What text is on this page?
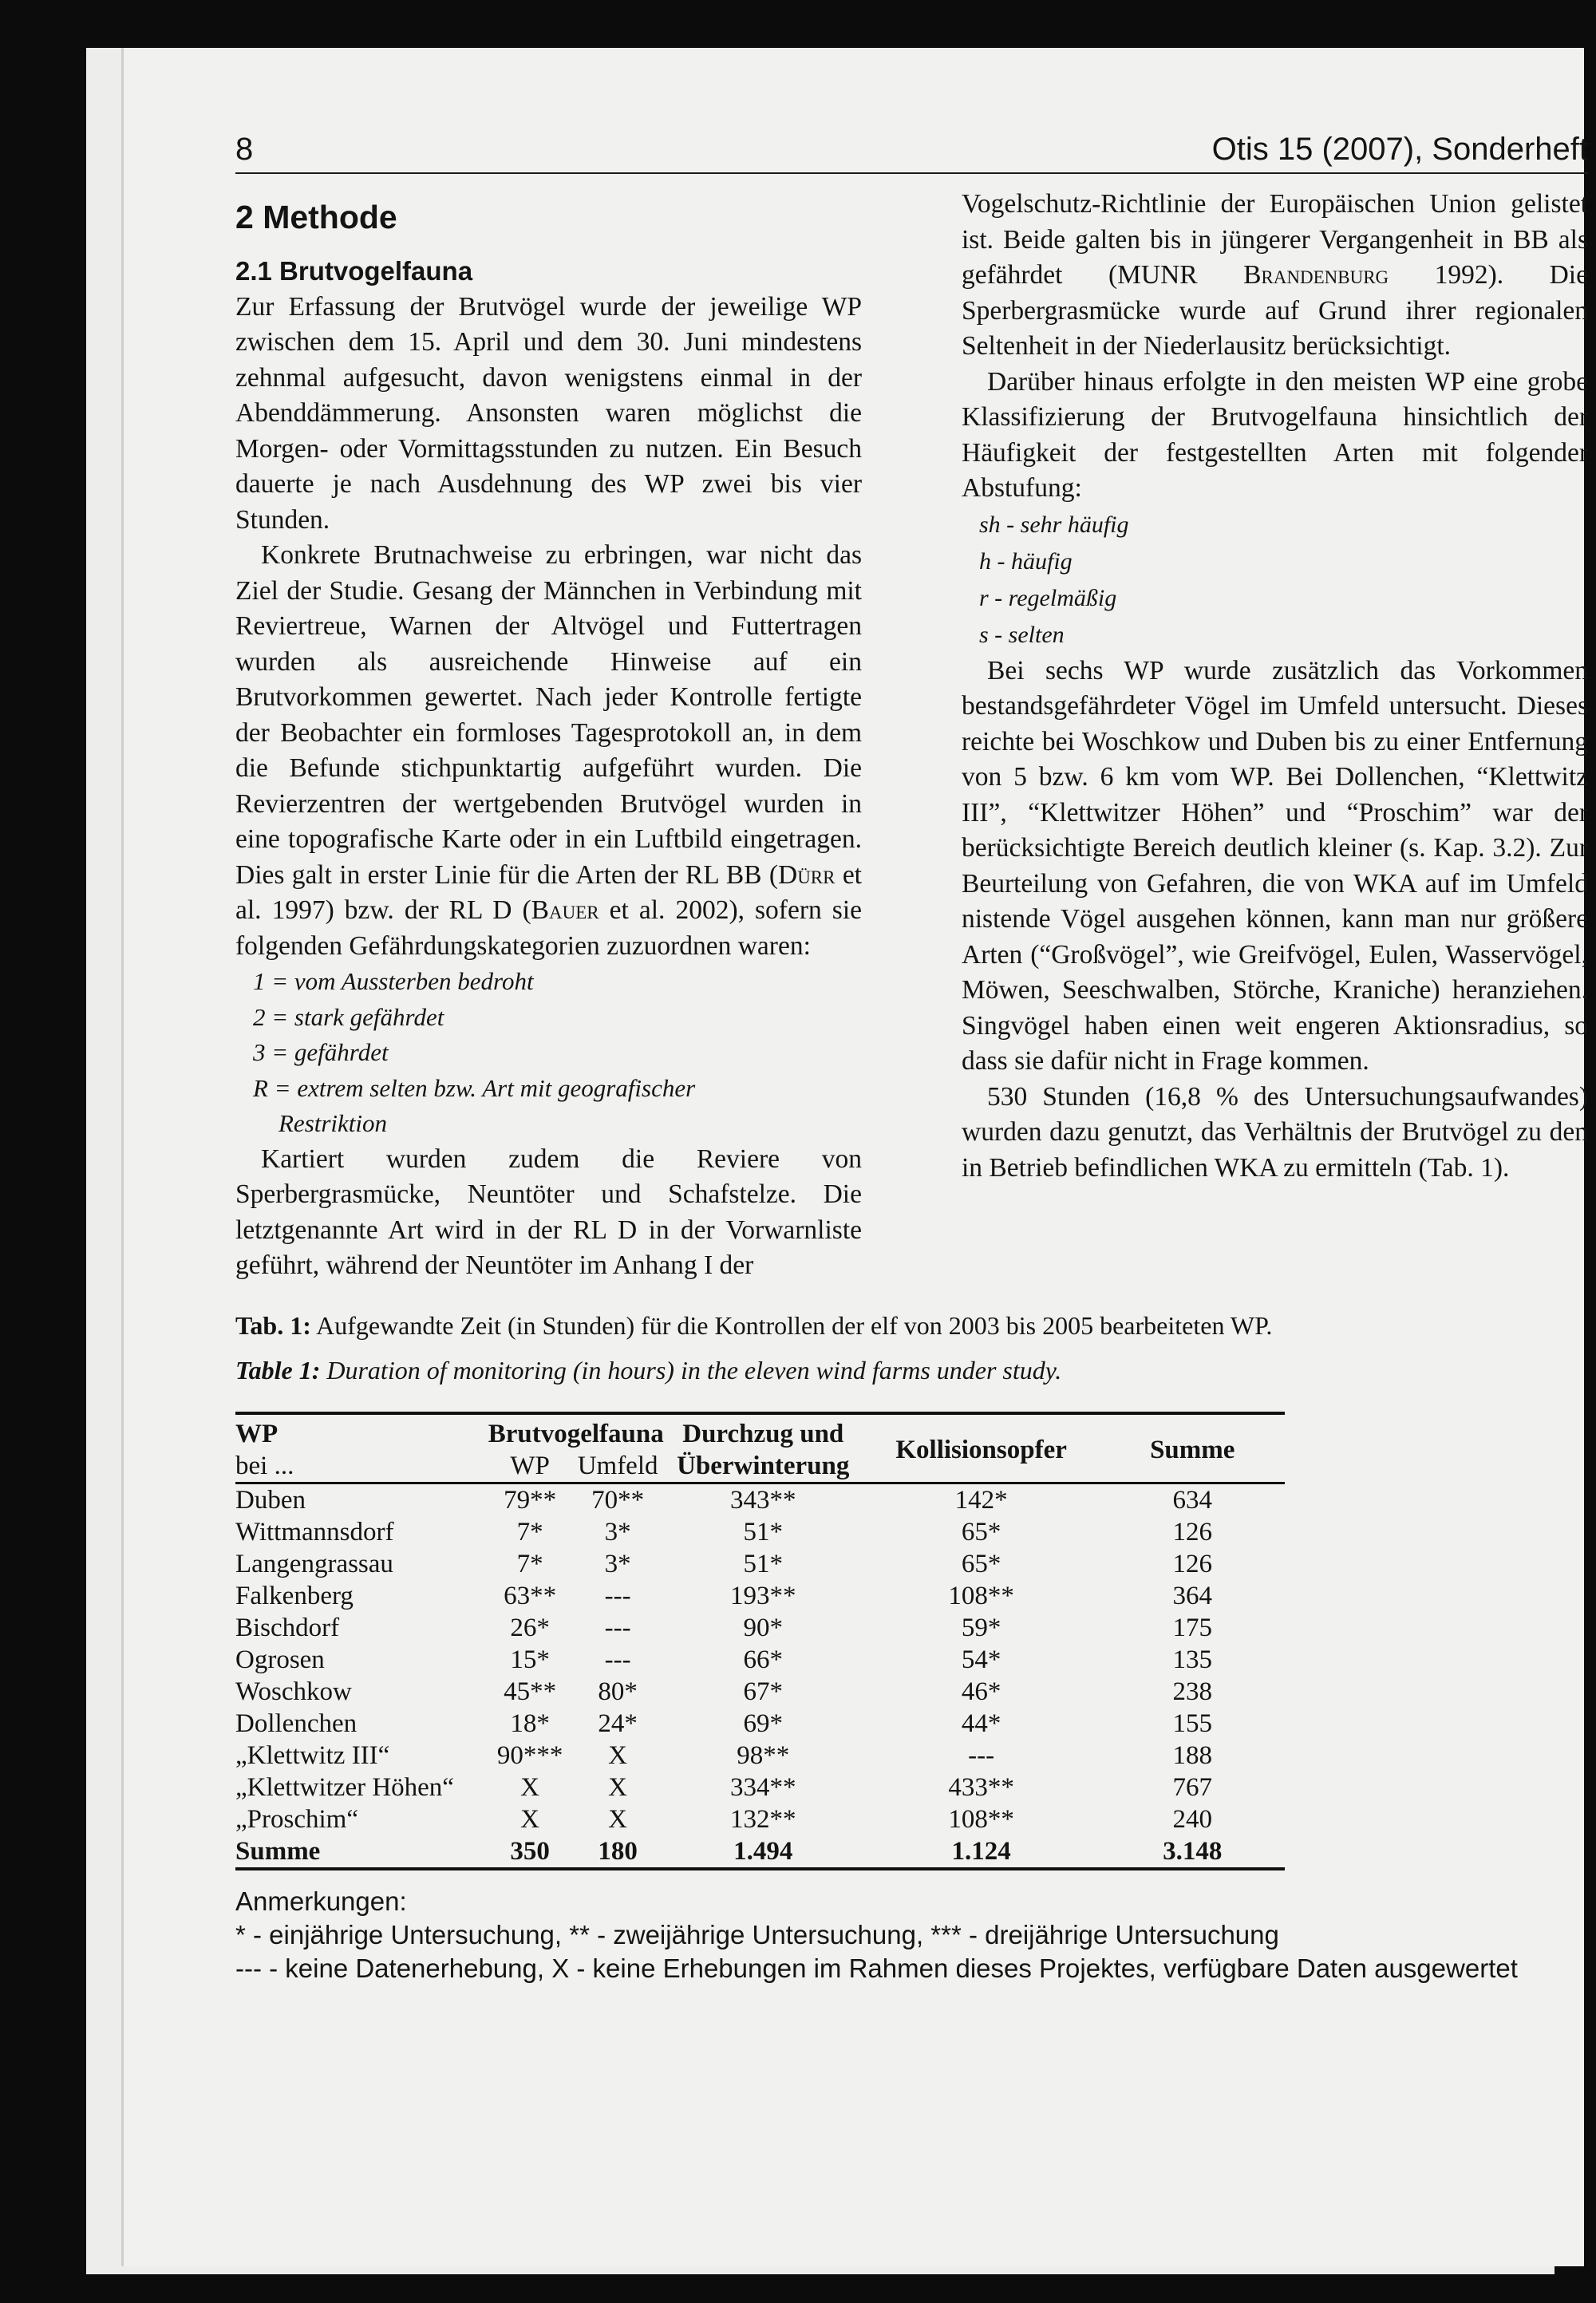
8	Otis 15 (2007), Sonderheft
2 Methode
2.1 Brutvogelfauna

Zur Erfassung der Brutvögel wurde der jeweilige WP zwischen dem 15. April und dem 30. Juni mindestens zehnmal aufgesucht, davon wenigstens einmal in der Abenddämmerung. Ansonsten waren möglichst die Morgen- oder Vormittagsstunden zu nutzen. Ein Besuch dauerte je nach Ausdehnung des WP zwei bis vier Stunden.

Konkrete Brutnachweise zu erbringen, war nicht das Ziel der Studie. Gesang der Männchen in Verbindung mit Reviertreue, Warnen der Altvögel und Futtertragen wurden als ausreichende Hinweise auf ein Brutvorkommen gewertet. Nach jeder Kontrolle fertigte der Beobachter ein formloses Tagesprotokoll an, in dem die Befunde stichpunktartig aufgeführt wurden. Die Revierzentren der wertgebenden Brutvögel wurden in eine topografische Karte oder in ein Luftbild eingetragen. Dies galt in erster Linie für die Arten der RL BB (Dürr et al. 1997) bzw. der RL D (Bauer et al. 2002), sofern sie folgenden Gefährdungskategorien zuzuordnen waren:

1 = vom Aussterben bedroht
2 = stark gefährdet
3 = gefährdet
R = extrem selten bzw. Art mit geografischer
Restriktion

Kartiert wurden zudem die Reviere von Sperbergrasmücke, Neuntöter und Schafstelze. Die letztgenannte Art wird in der RL D in der Vorwarnliste geführt, während der Neuntöter im Anhang I der

Vogelschutz-Richtlinie der Europäischen Union gelistet ist. Beide galten bis in jüngerer Vergangenheit in BB als gefährdet (MUNR Brandenburg 1992). Die Sperbergrasmücke wurde auf Grund ihrer regionalen Seltenheit in der Niederlausitz berücksichtigt.

Darüber hinaus erfolgte in den meisten WP eine grobe Klassifizierung der Brutvogelfauna hinsichtlich der Häufigkeit der festgestellten Arten mit folgender Abstufung:

sh - sehr häufig
h - häufig
r - regelmäßig
s - selten

Bei sechs WP wurde zusätzlich das Vorkommen bestandsgefährdeter Vögel im Umfeld untersucht. Dieses reichte bei Woschkow und Duben bis zu einer Entfernung von 5 bzw. 6 km vom WP. Bei Dollenchen, “Klettwitz III”, “Klettwitzer Höhen” und “Proschim” war der berücksichtigte Bereich deutlich kleiner (s. Kap. 3.2). Zur Beurteilung von Gefahren, die von WKA auf im Umfeld nistende Vögel ausgehen können, kann man nur größere Arten (“Großvögel”, wie Greifvögel, Eulen, Wasservögel, Möwen, Seeschwalben, Störche, Kraniche) heranziehen. Singvögel haben einen weit engeren Aktionsradius, so dass sie dafür nicht in Frage kommen.

530 Stunden (16,8 % des Untersuchungsaufwandes) wurden dazu genutzt, das Verhältnis der Brutvögel zu den in Betrieb befindlichen WKA zu ermitteln (Tab. 1).

Tab. 1: Aufgewandte Zeit (in Stunden) für die Kontrollen der elf von 2003 bis 2005 bearbeiteten WP.
Table 1: Duration of monitoring (in hours) in the eleven wind farms under study.
WP	Brutvogelfauna		Durchzug und	Kollisionsopfer	Summe
bei ...	WP	Umfeld	Überwinterung		
Duben	79**	70**	343**	142*	634
Wittmannsdorf	7*	3*	51*	65*	126
Langengrassau	7*	3*	51*	65*	126
Falkenberg	63**	---	193**	108**	364
Bischdorf	26*	---	90*	59*	175
Ogrosen	15*	---	66*	54*	135
Woschkow	45**	80*	67*	46*	238
Dollenchen	18*	24*	69*	44*	155
„Klettwitz III“	90***	X	98**	---	188
„Klettwitzer Höhen“	X	X	334**	433**	767
„Proschim“	X	X	132**	108**	240
Summe	350	180	1.494	1.124	3.148
Anmerkungen:
* - einjährige Untersuchung, ** - zweijährige Untersuchung, *** - dreijährige Untersuchung
--- - keine Datenerhebung, X - keine Erhebungen im Rahmen dieses Projektes, verfügbare Daten ausgewertet
